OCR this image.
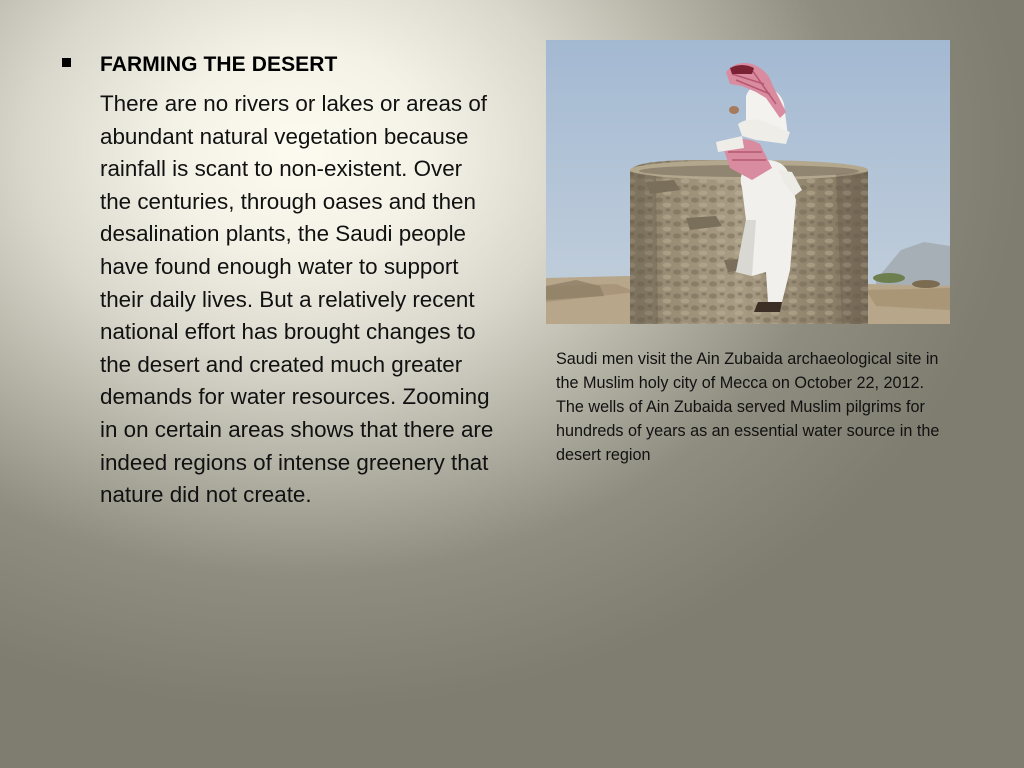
FARMING THE DESERT
There are no rivers or lakes or areas of abundant natural vegetation because rainfall is scant to non-existent. Over the centuries, through oases and then desalination plants, the Saudi people have found enough water to support their daily lives. But a relatively recent national effort has brought changes to the desert and created much greater demands for water resources. Zooming in on certain areas shows that there are indeed regions of intense greenery that nature did not create.
Saudi men visit the Ain Zubaida archaeological site in the Muslim holy city of Mecca on October 22, 2012. The wells of Ain Zubaida served Muslim pilgrims for hundreds of years as an essential water source in the desert region
